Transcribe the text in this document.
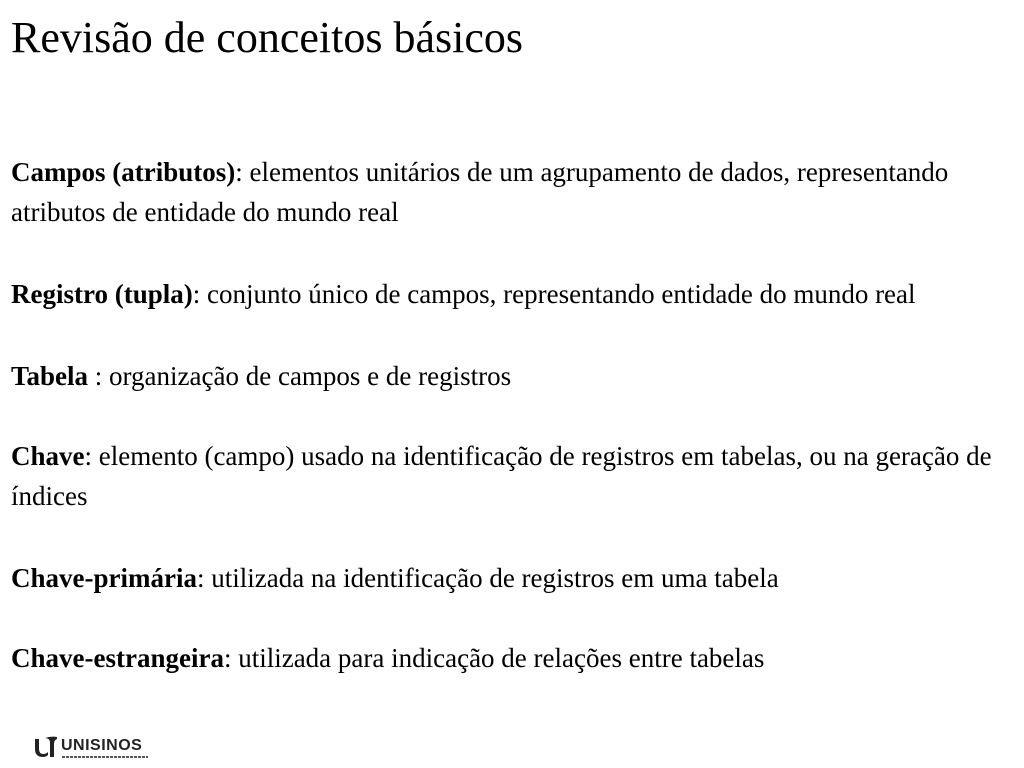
Revisão de conceitos básicos
Campos (atributos): elementos unitários de um agrupamento de dados, representando atributos de entidade do mundo real
Registro (tupla): conjunto único de campos, representando entidade do mundo real
Tabela : organização de campos e de registros
Chave: elemento (campo) usado na identificação de registros em tabelas, ou na geração de índices
Chave-primária: utilizada na identificação de registros em uma tabela
Chave-estrangeira: utilizada para indicação de relações entre tabelas
UNISINOS
